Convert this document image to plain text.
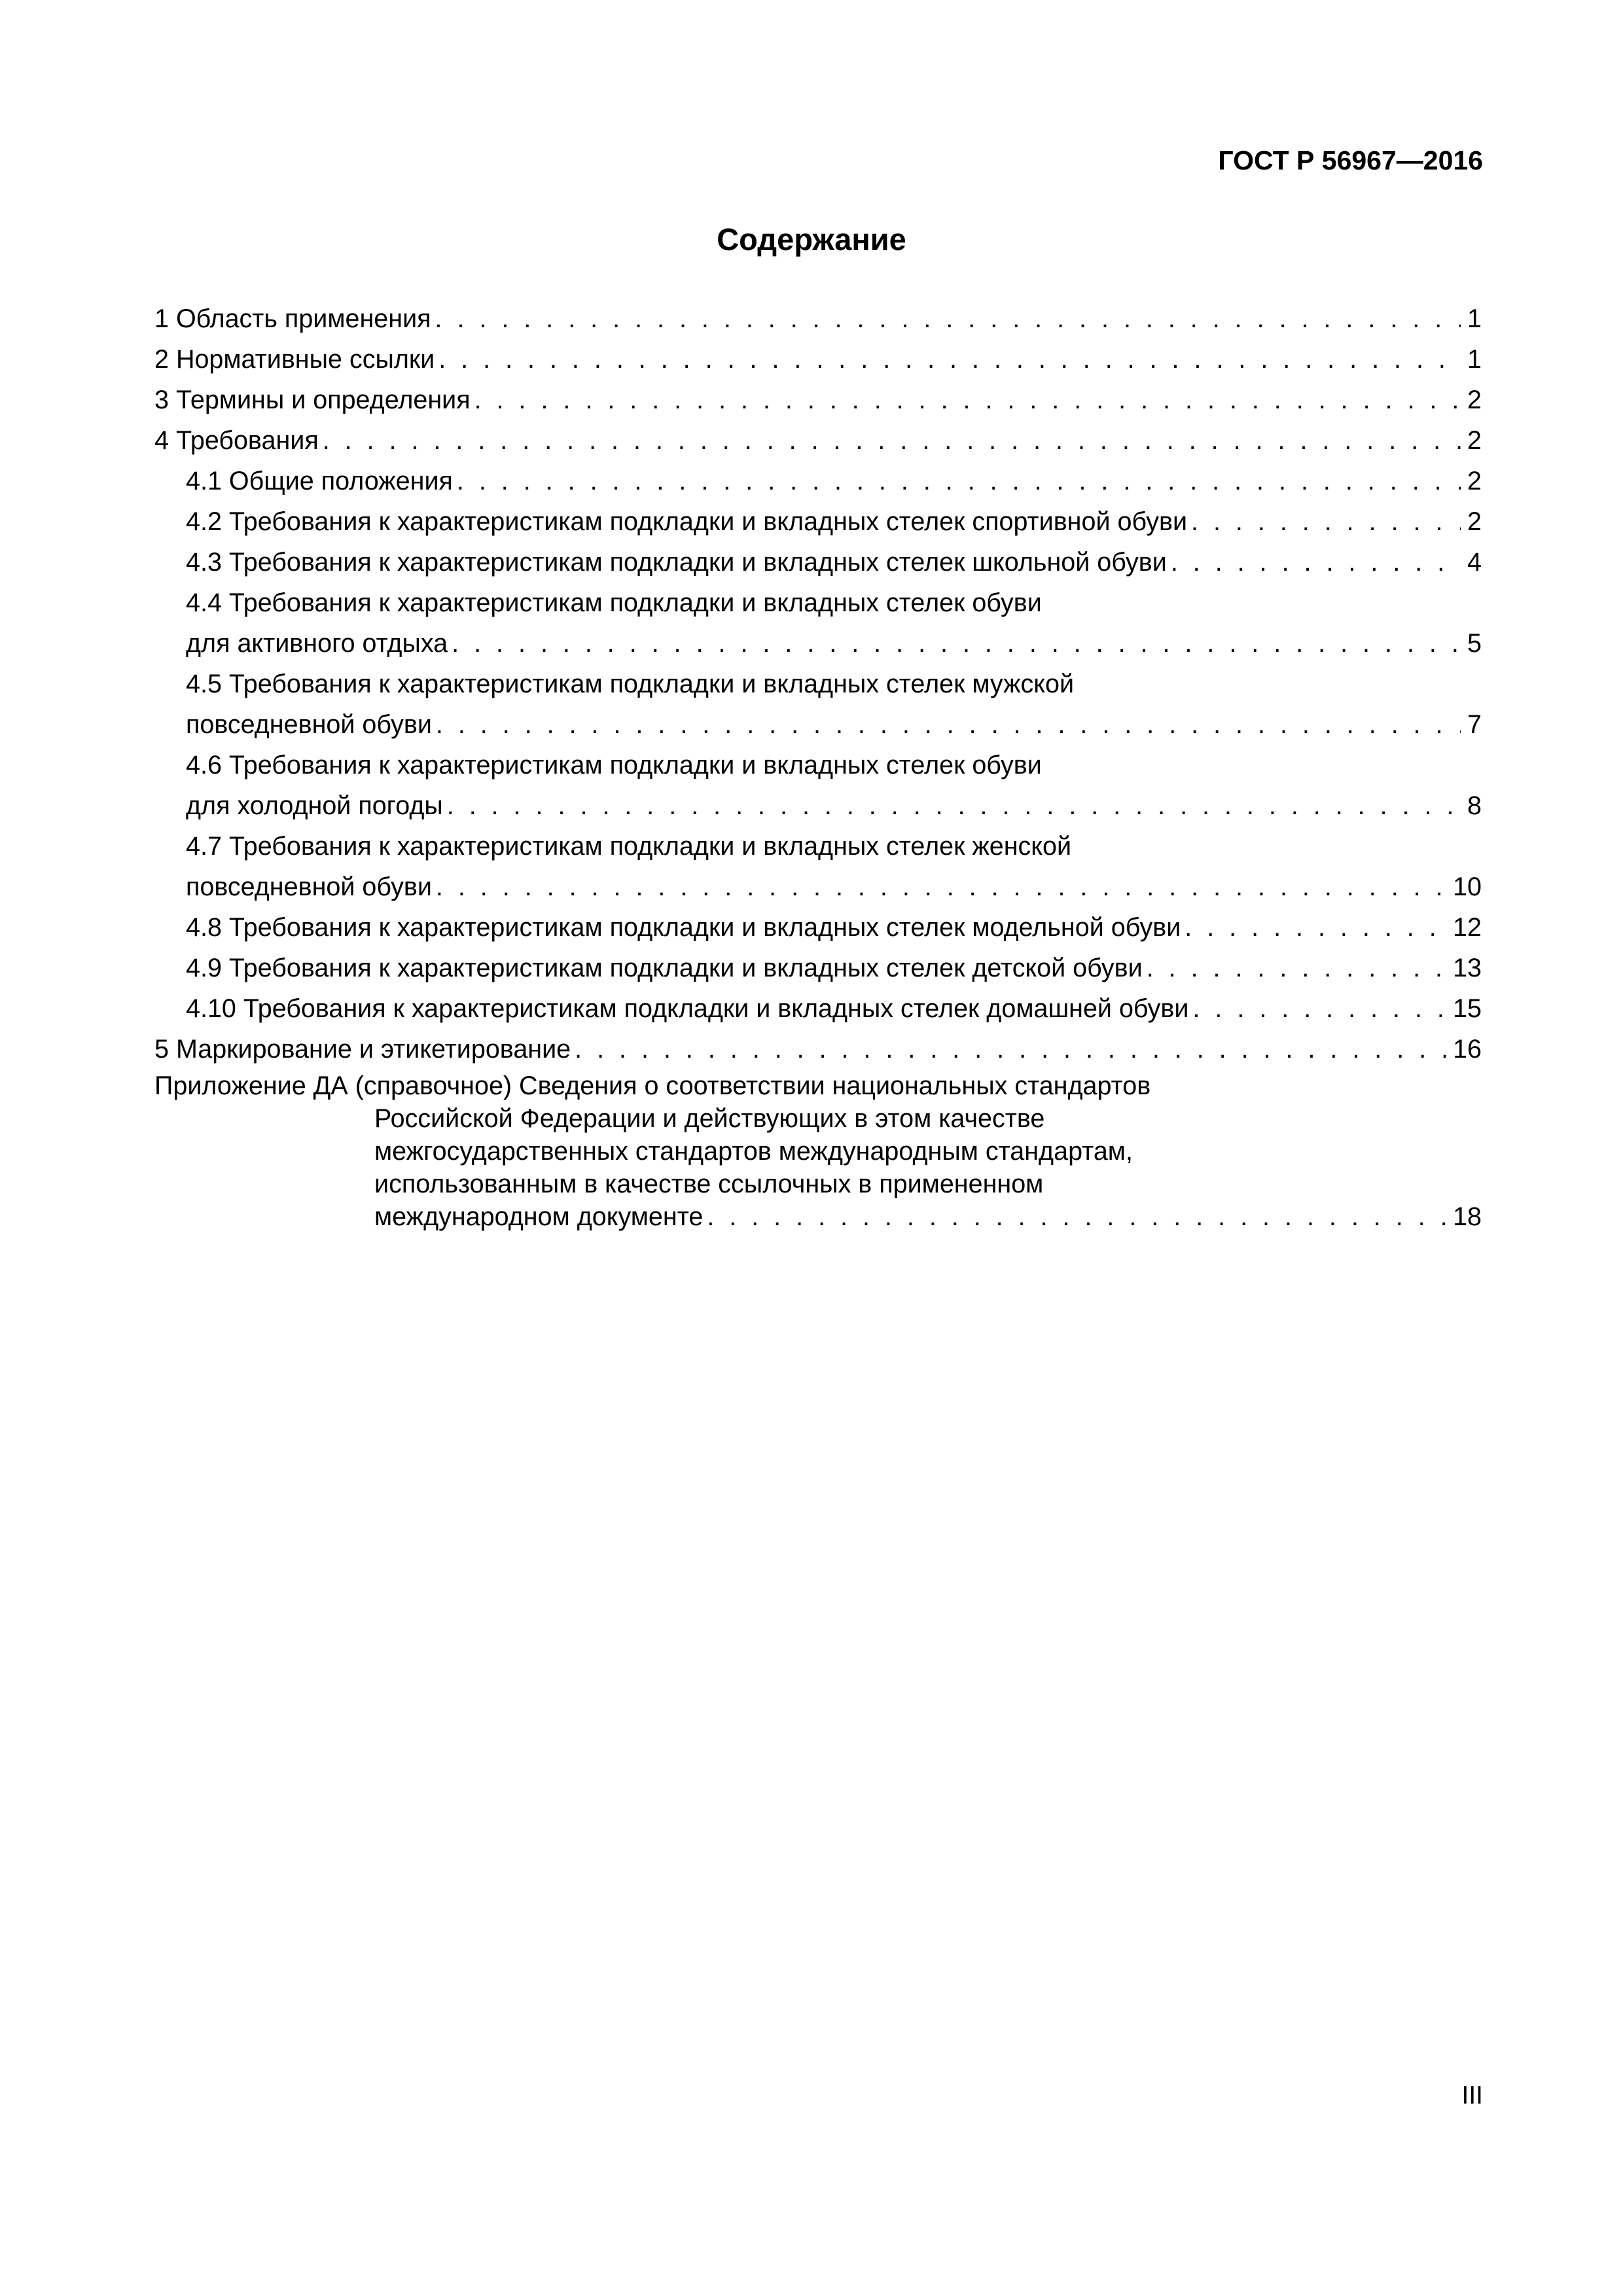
ГОСТ Р 56967—2016
Содержание
1 Область применения . . .	1
2 Нормативные ссылки . . .	1
3 Термины и определения . . .	2
4 Требования . . .	2
4.1 Общие положения . . .	2
4.2 Требования к характеристикам подкладки и вкладных стелек спортивной обуви . . .	2
4.3 Требования к характеристикам подкладки и вкладных стелек школьной обуви . . .	4
4.4 Требования к характеристикам подкладки и вкладных стелек обуви
для активного отдыха . . .	5
4.5 Требования к характеристикам подкладки и вкладных стелек мужской
повседневной обуви . . .	7
4.6 Требования к характеристикам подкладки и вкладных стелек обуви
для холодной погоды . . .	8
4.7 Требования к характеристикам подкладки и вкладных стелек женской
повседневной обуви . . .	10
4.8 Требования к характеристикам подкладки и вкладных стелек модельной обуви . . .	12
4.9 Требования к характеристикам подкладки и вкладных стелек детской обуви . . .	13
4.10 Требования к характеристикам подкладки и вкладных стелек домашней обуви . . .	15
5 Маркирование и этикетирование . . .	16
Приложение ДА (справочное) Сведения о соответствии национальных стандартов
Российской Федерации и действующих в этом качестве
межгосударственных стандартов международным стандартам,
использованным в качестве ссылочных в примененном
международном документе . . .	18
III
